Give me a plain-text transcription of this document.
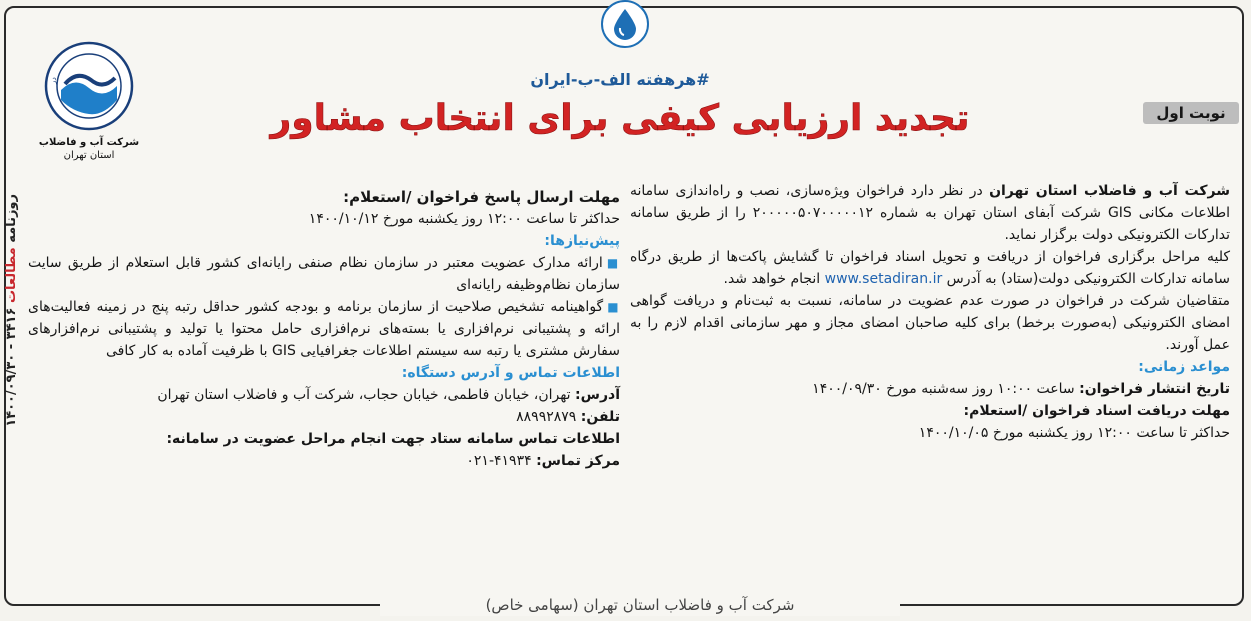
روزنامه مطالعات ۳۴۱۶ - ۱۴۰۰/۰۹/۳۰
در
شرکت آب و فاضلاب
استان تهران
#هرهفته الف-ب-ایران
تجدید ارزیابی کیفی برای انتخاب مشاور	نوبت اول

شرکت آب و فاضلاب استان تهران در نظر دارد فراخوان ویژه‌سازی، نصب و راه‌اندازی سامانه اطلاعات مکانی GIS شرکت آبفای استان تهران به شماره ۲۰۰۰۰۰۵۰۷۰۰۰۰۰۱۲ را از طریق سامانه تدارکات الکترونیکی دولت برگزار نماید.

کلیه مراحل برگزاری فراخوان از دریافت و تحویل اسناد فراخوان تا گشایش پاکت‌ها از طریق درگاه سامانه تدارکات الکترونیکی دولت(ستاد) به آدرس www.setadiran.ir انجام خواهد شد.

متقاضیان شرکت در فراخوان در صورت عدم عضویت در سامانه، نسبت به ثبت‌نام و دریافت گواهی امضای الکترونیکی (به‌صورت برخط) برای کلیه صاحبان امضای مجاز و مهر سازمانی اقدام لازم را به عمل آورند.

مواعد زمانی:

تاریخ انتشار فراخوان: ساعت ۱۰:۰۰ روز سه‌شنبه مورخ ۱۴۰۰/۰۹/۳۰

مهلت دریافت اسناد فراخوان /استعلام:

حداکثر تا ساعت ۱۲:۰۰ روز یکشنبه مورخ ۱۴۰۰/۱۰/۰۵

مهلت ارسال پاسخ فراخوان /استعلام:

حداکثر تا ساعت ۱۲:۰۰ روز یکشنبه مورخ ۱۴۰۰/۱۰/۱۲

پیش‌نیازها:

■ارائه مدارک عضویت معتبر در سازمان نظام صنفی رایانه‌ای کشور قابل استعلام از طریق سایت سازمان نظام‌وظیفه رایانه‌ای

■گواهینامه تشخیص صلاحیت از سازمان برنامه و بودجه کشور حداقل رتبه پنج در زمینه فعالیت‌های ارائه و پشتیبانی نرم‌افزاری یا بسته‌های نرم‌افزاری حامل محتوا یا تولید و پشتیبانی نرم‌افزارهای سفارش مشتری یا رتبه سه سیستم اطلاعات جغرافیایی GIS با ظرفیت آماده به کار کافی

اطلاعات تماس و آدرس دستگاه:

آدرس: تهران، خیابان فاطمی، خیابان حجاب، شرکت آب و فاضلاب استان تهران

تلفن: ۸۸۹۹۲۸۷۹

اطلاعات تماس سامانه ستاد جهت انجام مراحل عضویت در سامانه:

مرکز تماس: ۴۱۹۳۴-۰۲۱

شرکت آب و فاضلاب استان تهران (سهامی خاص)
